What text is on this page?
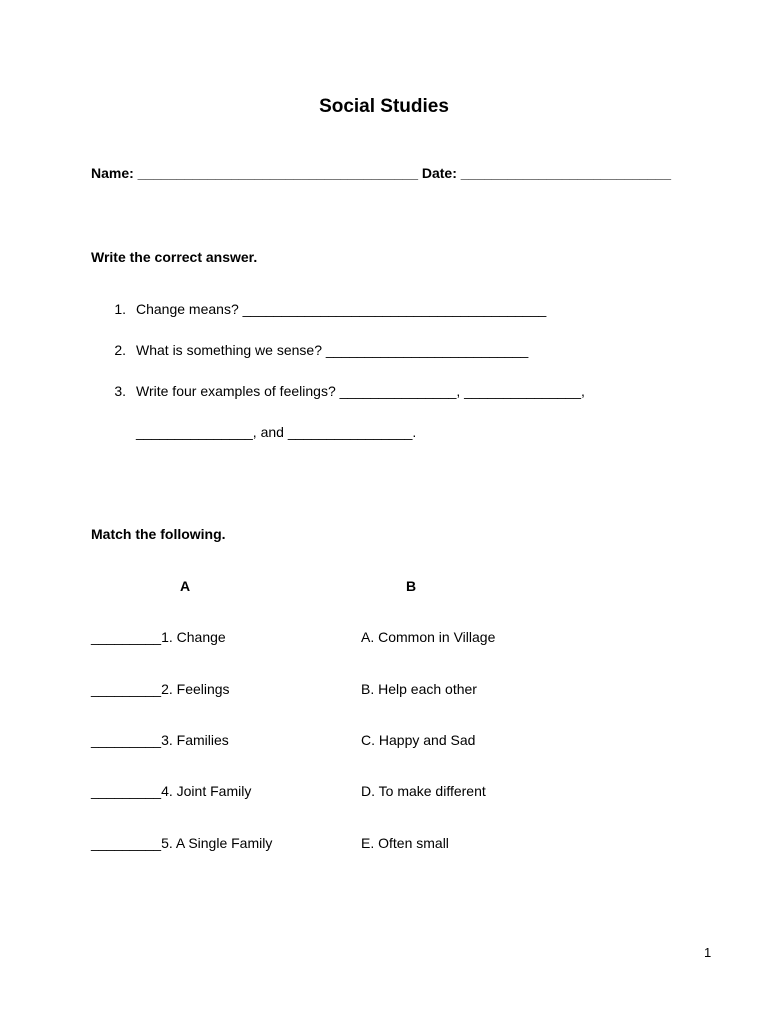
Social Studies
Name: ____________________________________ Date: ___________________________
Write the correct answer.
1. Change means? _______________________________________
2. What is something we sense? __________________________
3. Write four examples of feelings? _______________, _______________,
_______________, and ________________.
Match the following.
A	B
_________1. Change	A. Common in Village
_________2. Feelings	B. Help each other
_________3. Families	C. Happy and Sad
_________4. Joint Family	D. To make different
_________5. A Single Family	E. Often small
1
